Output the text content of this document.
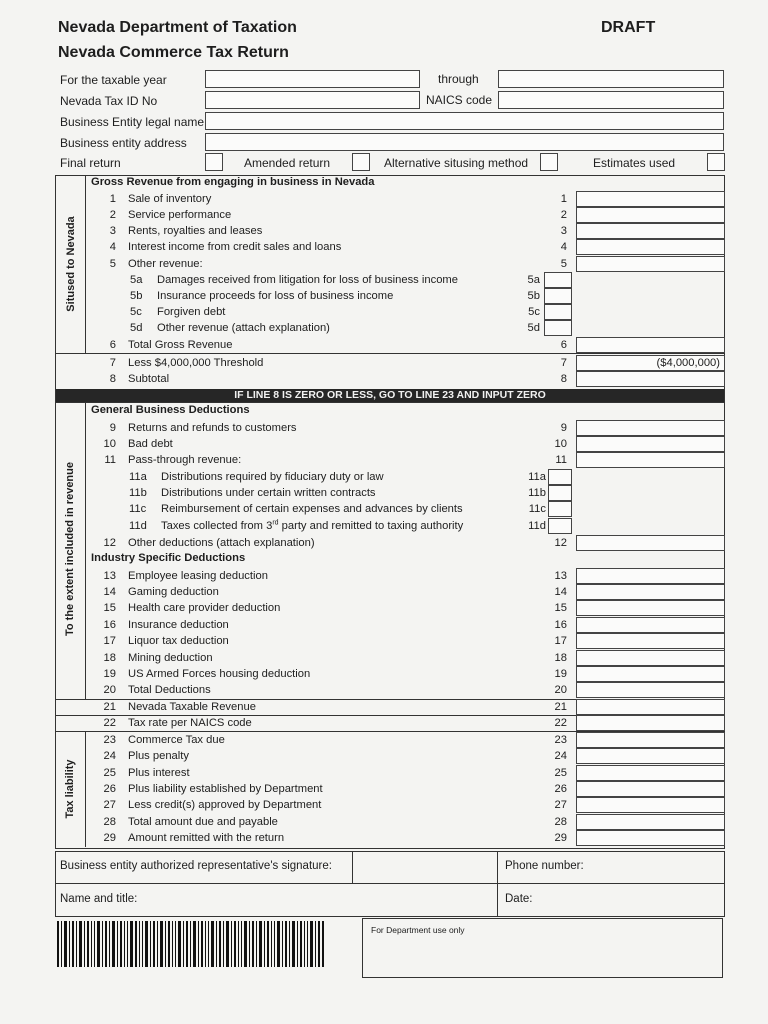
Nevada Department of Taxation
Nevada Commerce Tax Return
DRAFT
For the taxable year	through
Nevada Tax ID No	NAICS code
Business Entity legal name
Business entity address
Final return	Amended return	Alternative situsing method	Estimates used
Sitused to Nevada
To the extent included in revenue
Tax liability
Gross Revenue from engaging in business in Nevada
IF LINE 8 IS ZERO OR LESS, GO TO LINE 23 AND INPUT ZERO
General Business Deductions
Industry Specific Deductions
1 Sale of inventory	1
2 Service performance	2
3 Rents, royalties and leases	3
4 Interest income from credit sales and loans	4
5 Other revenue:	5
5a Damages received from litigation for loss of business income	5a
5b Insurance proceeds for loss of business income	5b
5c Forgiven debt	5c
5d Other revenue (attach explanation)	5d
6 Total Gross Revenue	6
7 Less $4,000,000 Threshold	7	($4,000,000)
8 Subtotal	8
9 Returns and refunds to customers	9
10 Bad debt	10
11 Pass-through revenue:	11
11a Distributions required by fiduciary duty or law	11a
11b Distributions under certain written contracts	11b
11c Reimbursement of certain expenses and advances by clients	11c
11d Taxes collected from 3rd party and remitted to taxing authority	11d
12 Other deductions (attach explanation)	12
13 Employee leasing deduction	13
14 Gaming deduction	14
15 Health care provider deduction	15
16 Insurance deduction	16
17 Liquor tax deduction	17
18 Mining deduction	18
19 US Armed Forces housing deduction	19
20 Total Deductions	20
21 Nevada Taxable Revenue	21
22 Tax rate per NAICS code	22
23 Commerce Tax due	23
24 Plus penalty	24
25 Plus interest	25
26 Plus liability established by Department	26
27 Less credit(s) approved by Department	27
28 Total amount due and payable	28
29 Amount remitted with the return	29
Business entity authorized representative's signature:	Phone number:
Name and title:	Date:
For Department use only
